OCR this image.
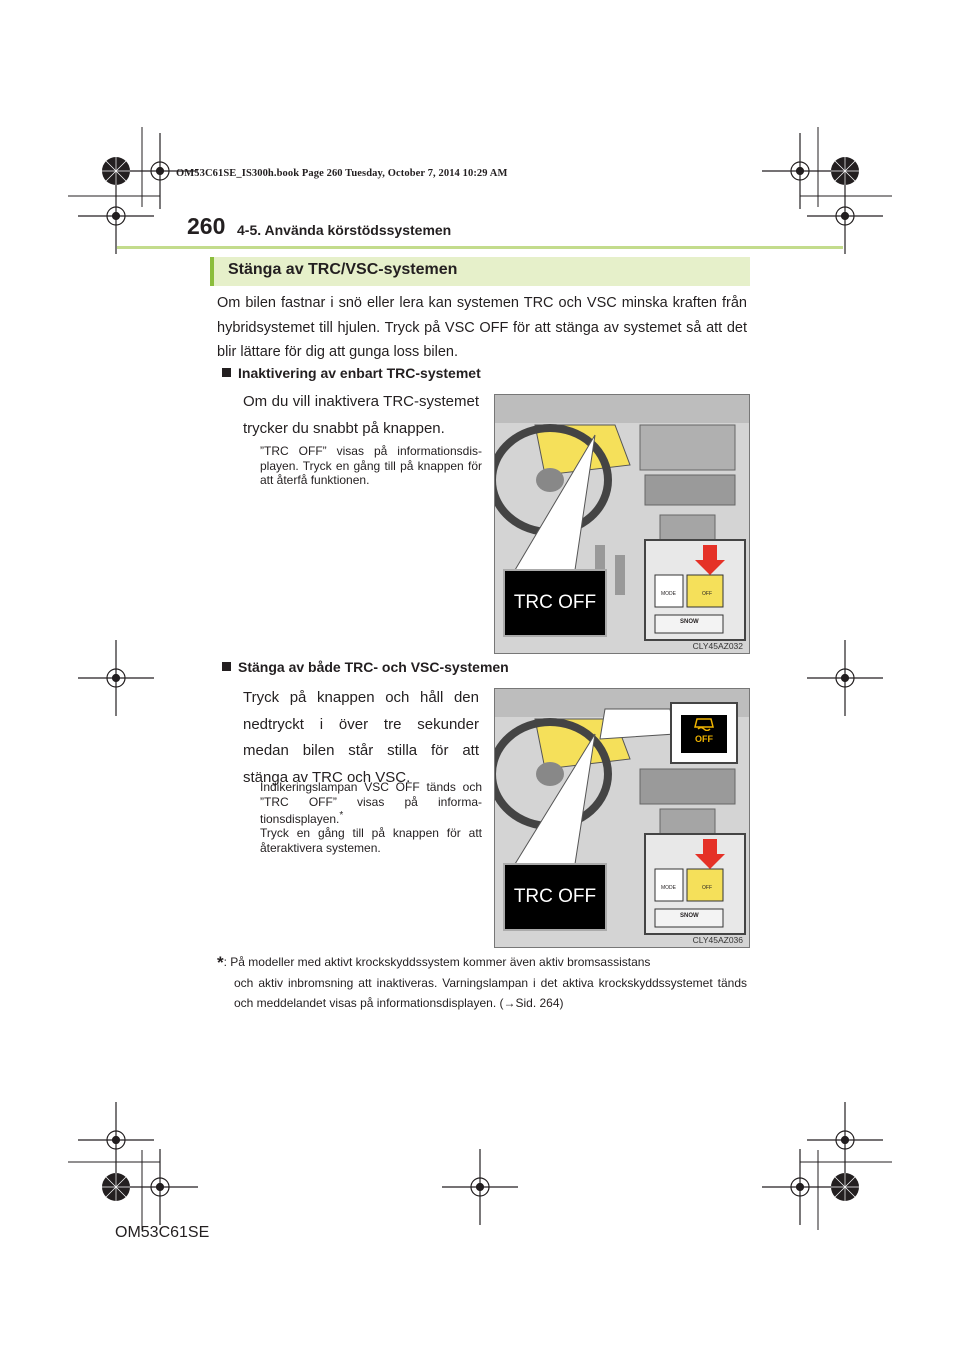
OM53C61SE_IS300h.book Page 260 Tuesday, October 7, 2014 10:29 AM
260 4-5. Använda körstödssystemen
Stänga av TRC/VSC-systemen
Om bilen fastnar i snö eller lera kan systemen TRC och VSC minska kraften från hybridsystemet till hjulen. Tryck på VSC OFF för att stänga av systemet så att det blir lättare för dig att gunga loss bilen.
Inaktivering av enbart TRC-systemet
Om du vill inaktivera TRC-systemet trycker du snabbt på knappen.
”TRC OFF” visas på informationsdisplayen. Tryck en gång till på knappen för att återfå funktionen.
TRC OFF	MODE	OFF
SNOW
CLY45AZ032
Stänga av både TRC- och VSC-systemen
Tryck på knappen och håll den nedtryckt i över tre sekunder medan bilen står stilla för att stänga av TRC och VSC.
Indikeringslampan VSC OFF tänds och ”TRC OFF” visas på informationsdisplayen.*
Tryck en gång till på knappen för att återaktivera systemen.
OFF
TRC OFF	MODE	OFF
SNOW
CLY45AZ036
*: På modeller med aktivt krockskyddssystem kommer även aktiv bromsassistans
och aktiv inbromsning att inaktiveras. Varningslampan i det aktiva krockskyddssystemet tänds och meddelandet visas på informationsdisplayen. (→Sid. 264)
OM53C61SE
